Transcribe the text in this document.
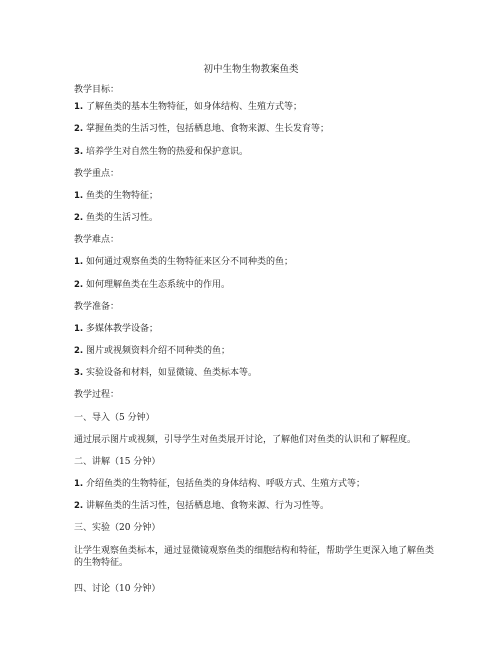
初中生物生物教案鱼类
教学目标：
1. 了解鱼类的基本生物特征，如身体结构、生殖方式等；
2. 掌握鱼类的生活习性，包括栖息地、食物来源、生长发育等；
3. 培养学生对自然生物的热爱和保护意识。
教学重点：
1. 鱼类的生物特征；
2. 鱼类的生活习性。
教学难点：
1. 如何通过观察鱼类的生物特征来区分不同种类的鱼；
2. 如何理解鱼类在生态系统中的作用。
教学准备：
1. 多媒体教学设备；
2. 图片或视频资料介绍不同种类的鱼；
3. 实验设备和材料，如显微镜、鱼类标本等。
教学过程：
一、导入（5 分钟）
通过展示图片或视频，引导学生对鱼类展开讨论，了解他们对鱼类的认识和了解程度。
二、讲解（15 分钟）
1. 介绍鱼类的生物特征，包括鱼类的身体结构、呼吸方式、生殖方式等；
2. 讲解鱼类的生活习性，包括栖息地、食物来源、行为习性等。
三、实验（20 分钟）
让学生观察鱼类标本，通过显微镜观察鱼类的细胞结构和特征，帮助学生更深入地了解鱼类的生物特征。
四、讨论（10 分钟）
